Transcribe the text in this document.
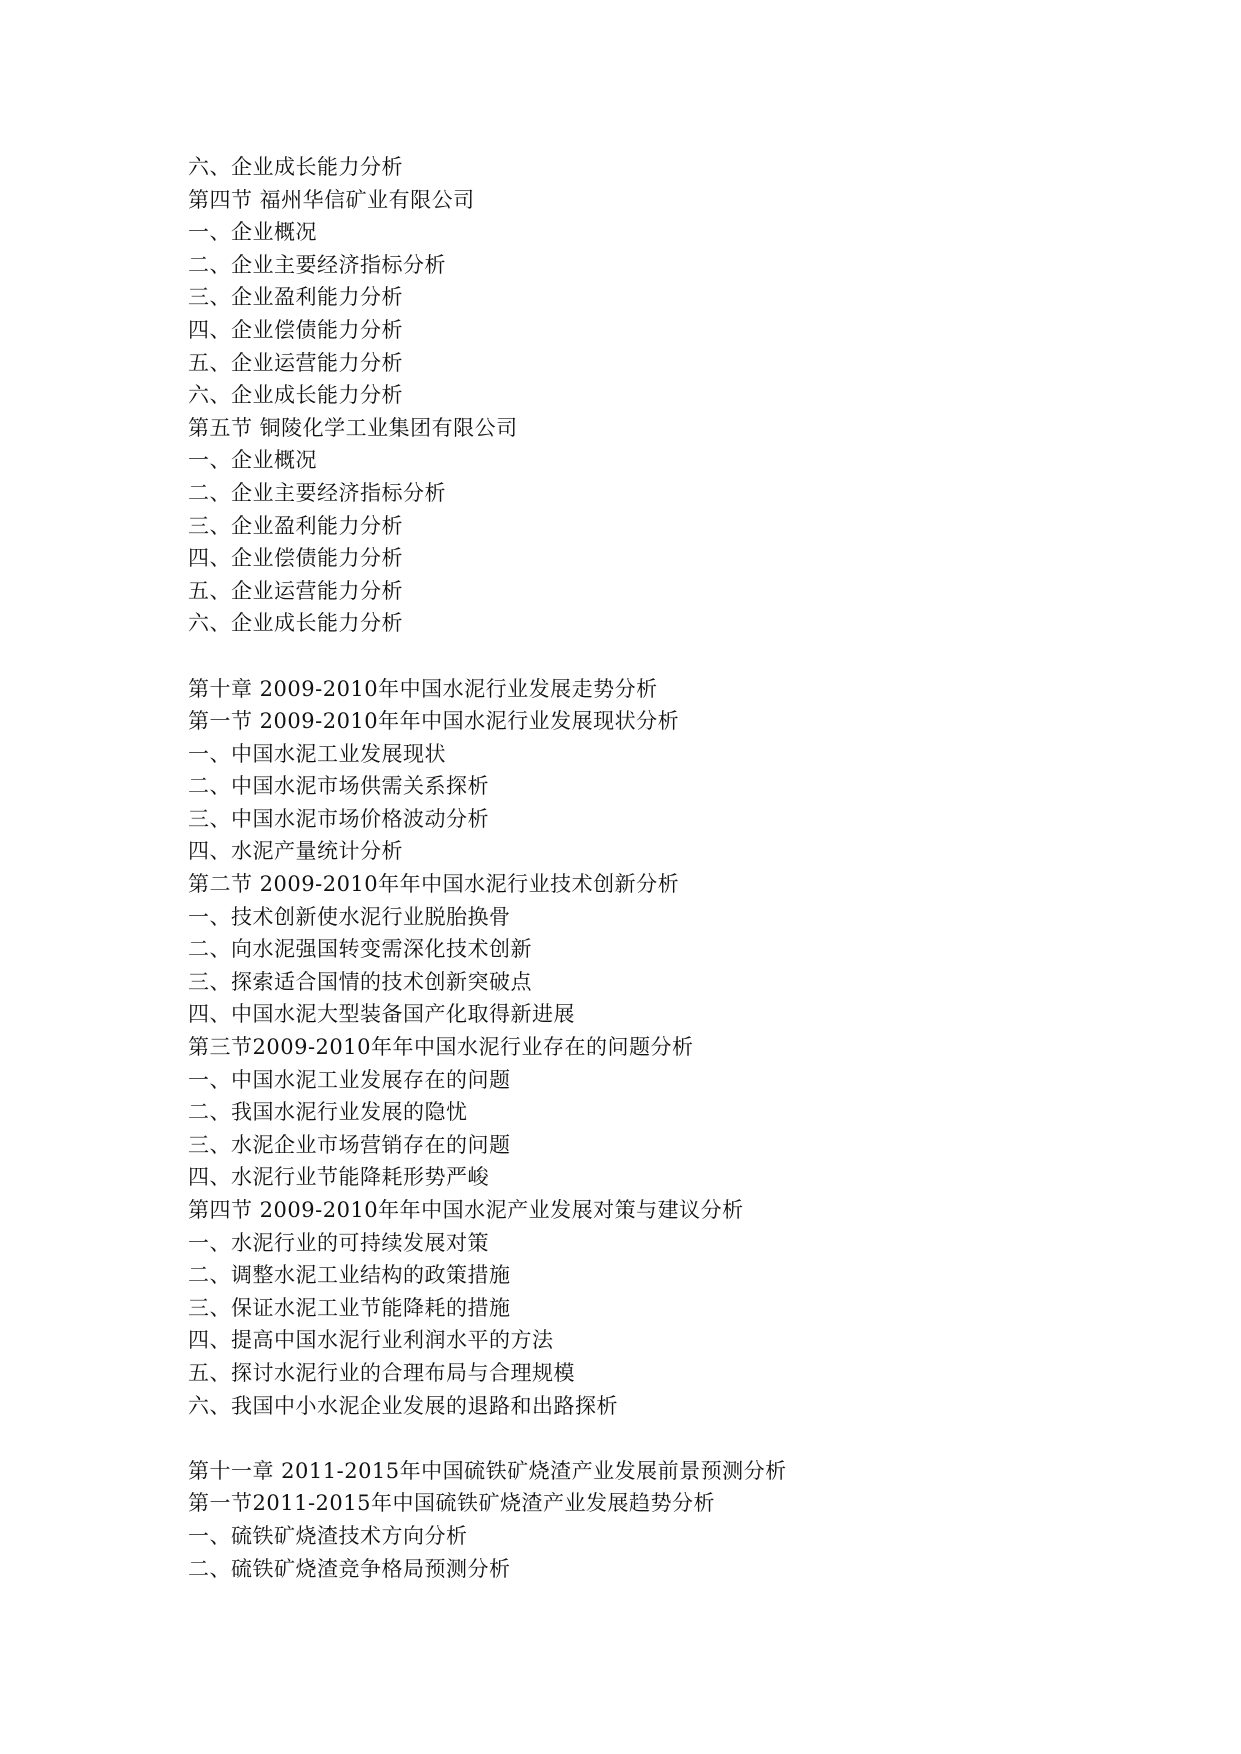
六、企业成长能力分析
第四节 福州华信矿业有限公司
一、企业概况
二、企业主要经济指标分析
三、企业盈利能力分析
四、企业偿债能力分析
五、企业运营能力分析
六、企业成长能力分析
第五节 铜陵化学工业集团有限公司
一、企业概况
二、企业主要经济指标分析
三、企业盈利能力分析
四、企业偿债能力分析
五、企业运营能力分析
六、企业成长能力分析
第十章 2009-2010年中国水泥行业发展走势分析
第一节 2009-2010年年中国水泥行业发展现状分析
一、中国水泥工业发展现状
二、中国水泥市场供需关系探析
三、中国水泥市场价格波动分析
四、水泥产量统计分析
第二节 2009-2010年年中国水泥行业技术创新分析
一、技术创新使水泥行业脱胎换骨
二、向水泥强国转变需深化技术创新
三、探索适合国情的技术创新突破点
四、中国水泥大型装备国产化取得新进展
第三节2009-2010年年中国水泥行业存在的问题分析
一、中国水泥工业发展存在的问题
二、我国水泥行业发展的隐忧
三、水泥企业市场营销存在的问题
四、水泥行业节能降耗形势严峻
第四节 2009-2010年年中国水泥产业发展对策与建议分析
一、水泥行业的可持续发展对策
二、调整水泥工业结构的政策措施
三、保证水泥工业节能降耗的措施
四、提高中国水泥行业利润水平的方法
五、探讨水泥行业的合理布局与合理规模
六、我国中小水泥企业发展的退路和出路探析
第十一章 2011-2015年中国硫铁矿烧渣产业发展前景预测分析
第一节2011-2015年中国硫铁矿烧渣产业发展趋势分析
一、硫铁矿烧渣技术方向分析
二、硫铁矿烧渣竞争格局预测分析
